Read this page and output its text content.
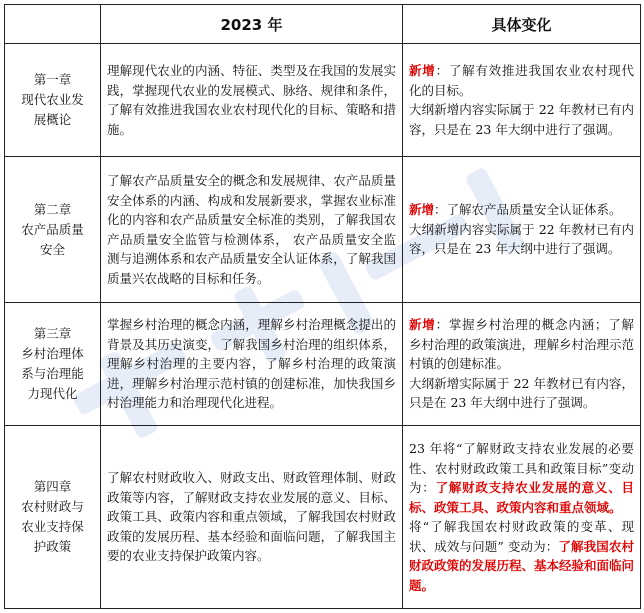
	2023 年	具体变化
第一章
现代农业发
展概论	理解现代农业的内涵、特征、类型及在我国的发展实践，掌握现代农业的发展模式、脉络、规律和条件，了解有效推进我国农业农村现代化的目标、策略和措施。	新增：了解有效推进我国农业农村现代化的目标。
大纲新增内容实际属于 22 年教材已有内容，只是在 23 年大纲中进行了强调。

第二章
农产品质量
安全	了解农产品质量安全的概念和发展规律、农产品质量安全体系的内涵、构成和发展新要求，掌握农业标准化的内容和农产品质量安全标准的类别，了解我国农产品质量安全监管与检测体系， 农产品质量安全监测与追溯体系和农产品质量安全认证体系，了解我国质量兴农战略的目标和任务。	新增：了解农产品质量安全认证体系。
大纲新增内容实际属于 22 年教材已有内容，只是在 23 年大纲中进行了强调。

第三章
乡村治理体
系与治理能
力现代化	掌握乡村治理的概念内涵，理解乡村治理概念提出的背景及其历史演变，了解我国乡村治理的组织体系，理解乡村治理的主要内容，了解乡村治理的政策演进，理解乡村治理示范村镇的创建标准，加快我国乡村治理能力和治理现代化进程。	新增：掌握乡村治理的概念内涵；了解乡村治理的政策演进，理解乡村治理示范村镇的创建标准。
大纲新增实际属于 22 年教材已有内容，只是在 23 年大纲中进行了强调。

第四章
农村财政与
农业支持保
护政策	了解农村财政收入、财政支出、财政管理体制、财政政策等内容，了解财政支持农业发展的意义、目标、政策工具、政策内容和重点领域，了解我国农村财政政策的发展历程、基本经验和面临问题，了解我国主要的农业支持保护政策内容。	23 年将“了解财政支持农业发展的必要性、农村财政政策工具和政策目标”变动为：了解财政支持农业发展的意义、目标、政策工具、政策内容和重点领域。
将“了解我国农村财政政策的变革、现状、成效与问题” 变动为：了解我国农村财政政策的发展历程、基本经验和面临问题。
